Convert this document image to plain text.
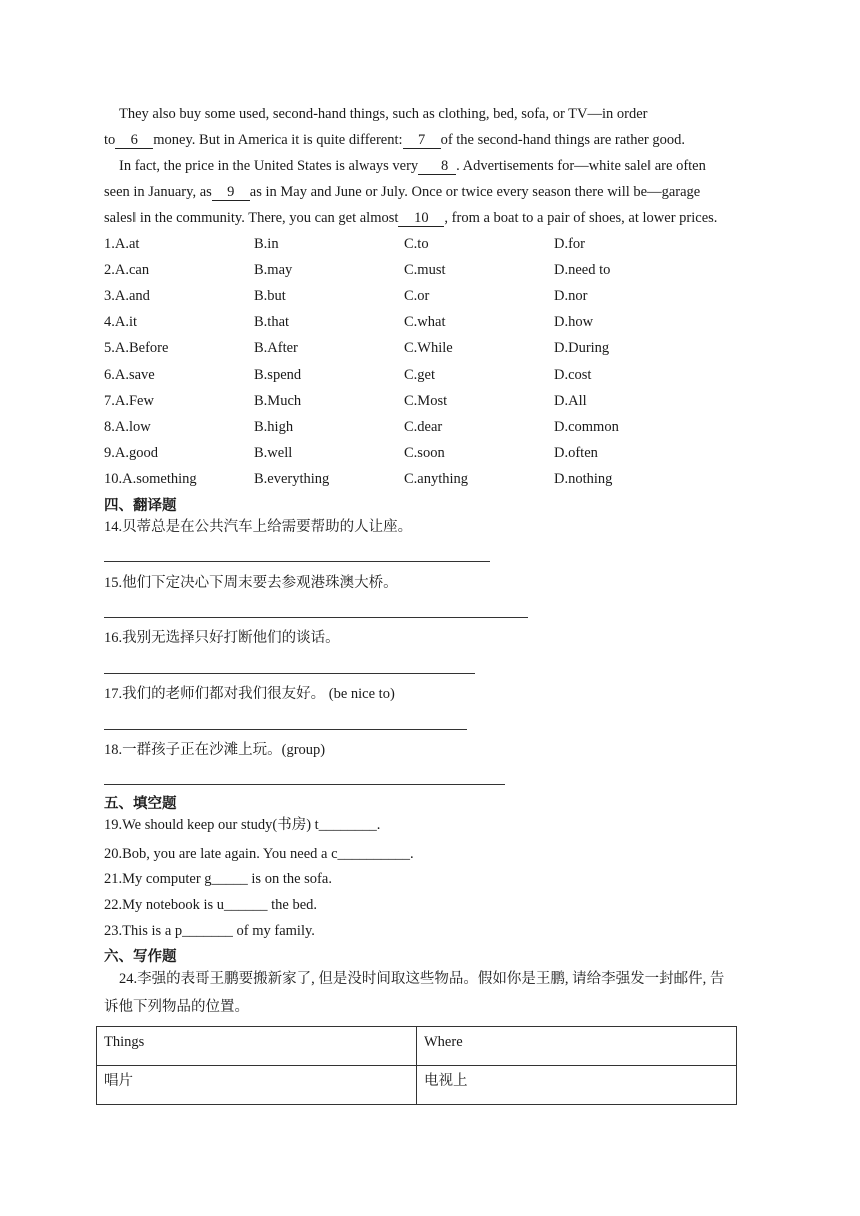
They also buy some used, second-hand things, such as clothing, bed, sofa, or TV—in order
to 6 money. But in America it is quite different: 7 of the second-hand things are rather good.
In fact, the price in the United States is always very 8 . Advertisements for—white sale‖ are often
seen in January, as 9 as in May and June or July. Once or twice every season there will be—garage
sales‖ in the community. There, you can get almost 10 , from a boat to a pair of shoes, at lower prices.
1.A.at	B.in	C.to	D.for
2.A.can	B.may	C.must	D.need to
3.A.and	B.but	C.or	D.nor
4.A.it	B.that	C.what	D.how
5.A.Before	B.After	C.While	D.During
6.A.save	B.spend	C.get	D.cost
7.A.Few	B.Much	C.Most	D.All
8.A.low	B.high	C.dear	D.common
9.A.good	B.well	C.soon	D.often
10.A.something	B.everything	C.anything	D.nothing
四、翻译题
14.贝蒂总是在公共汽车上给需要帮助的人让座。
15.他们下定决心下周末要去参观港珠澳大桥。
16.我别无选择只好打断他们的谈话。
17.我们的老师们都对我们很友好。 (be nice to)
18.一群孩子正在沙滩上玩。(group)
五、填空题
19.We should keep our study(书房) t________.
20.Bob, you are late again. You need a c__________.
21.My computer g_____ is on the sofa.
22.My notebook is u______ the bed.
23.This is a p_______ of my family.
六、写作题
24.李强的表哥王鹏要搬新家了, 但是没时间取这些物品。假如你是王鹏, 请给李强发一封邮件, 告
诉他下列物品的位置。
Things	Where
唱片	电视上
